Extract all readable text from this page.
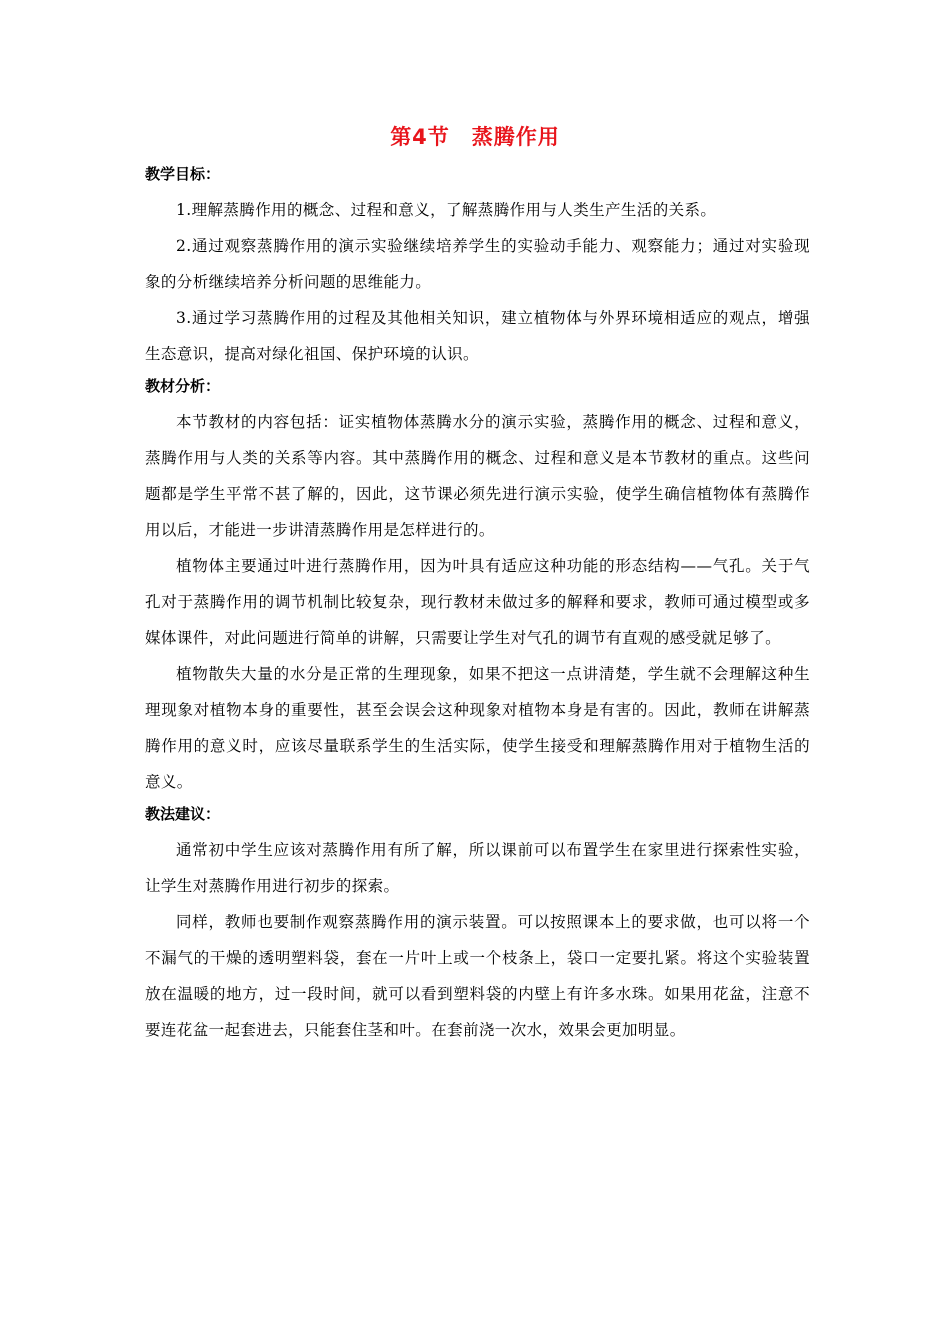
第4节　蒸腾作用

教学目标：

1.理解蒸腾作用的概念、过程和意义，了解蒸腾作用与人类生产生活的关系。

2.通过观察蒸腾作用的演示实验继续培养学生的实验动手能力、观察能力；通过对实验现象的分析继续培养分析问题的思维能力。

3.通过学习蒸腾作用的过程及其他相关知识，建立植物体与外界环境相适应的观点，增强生态意识，提高对绿化祖国、保护环境的认识。

教材分析：

本节教材的内容包括：证实植物体蒸腾水分的演示实验，蒸腾作用的概念、过程和意义，蒸腾作用与人类的关系等内容。其中蒸腾作用的概念、过程和意义是本节教材的重点。这些问题都是学生平常不甚了解的，因此，这节课必须先进行演示实验，使学生确信植物体有蒸腾作用以后，才能进一步讲清蒸腾作用是怎样进行的。

植物体主要通过叶进行蒸腾作用，因为叶具有适应这种功能的形态结构——气孔。关于气孔对于蒸腾作用的调节机制比较复杂，现行教材未做过多的解释和要求，教师可通过模型或多媒体课件，对此问题进行简单的讲解，只需要让学生对气孔的调节有直观的感受就足够了。

植物散失大量的水分是正常的生理现象，如果不把这一点讲清楚，学生就不会理解这种生理现象对植物本身的重要性，甚至会误会这种现象对植物本身是有害的。因此，教师在讲解蒸腾作用的意义时，应该尽量联系学生的生活实际，使学生接受和理解蒸腾作用对于植物生活的意义。

教法建议：

通常初中学生应该对蒸腾作用有所了解，所以课前可以布置学生在家里进行探索性实验，让学生对蒸腾作用进行初步的探索。

同样，教师也要制作观察蒸腾作用的演示装置。可以按照课本上的要求做，也可以将一个不漏气的干燥的透明塑料袋，套在一片叶上或一个枝条上，袋口一定要扎紧。将这个实验装置放在温暖的地方，过一段时间，就可以看到塑料袋的内壁上有许多水珠。如果用花盆，注意不要连花盆一起套进去，只能套住茎和叶。在套前浇一次水，效果会更加明显。
